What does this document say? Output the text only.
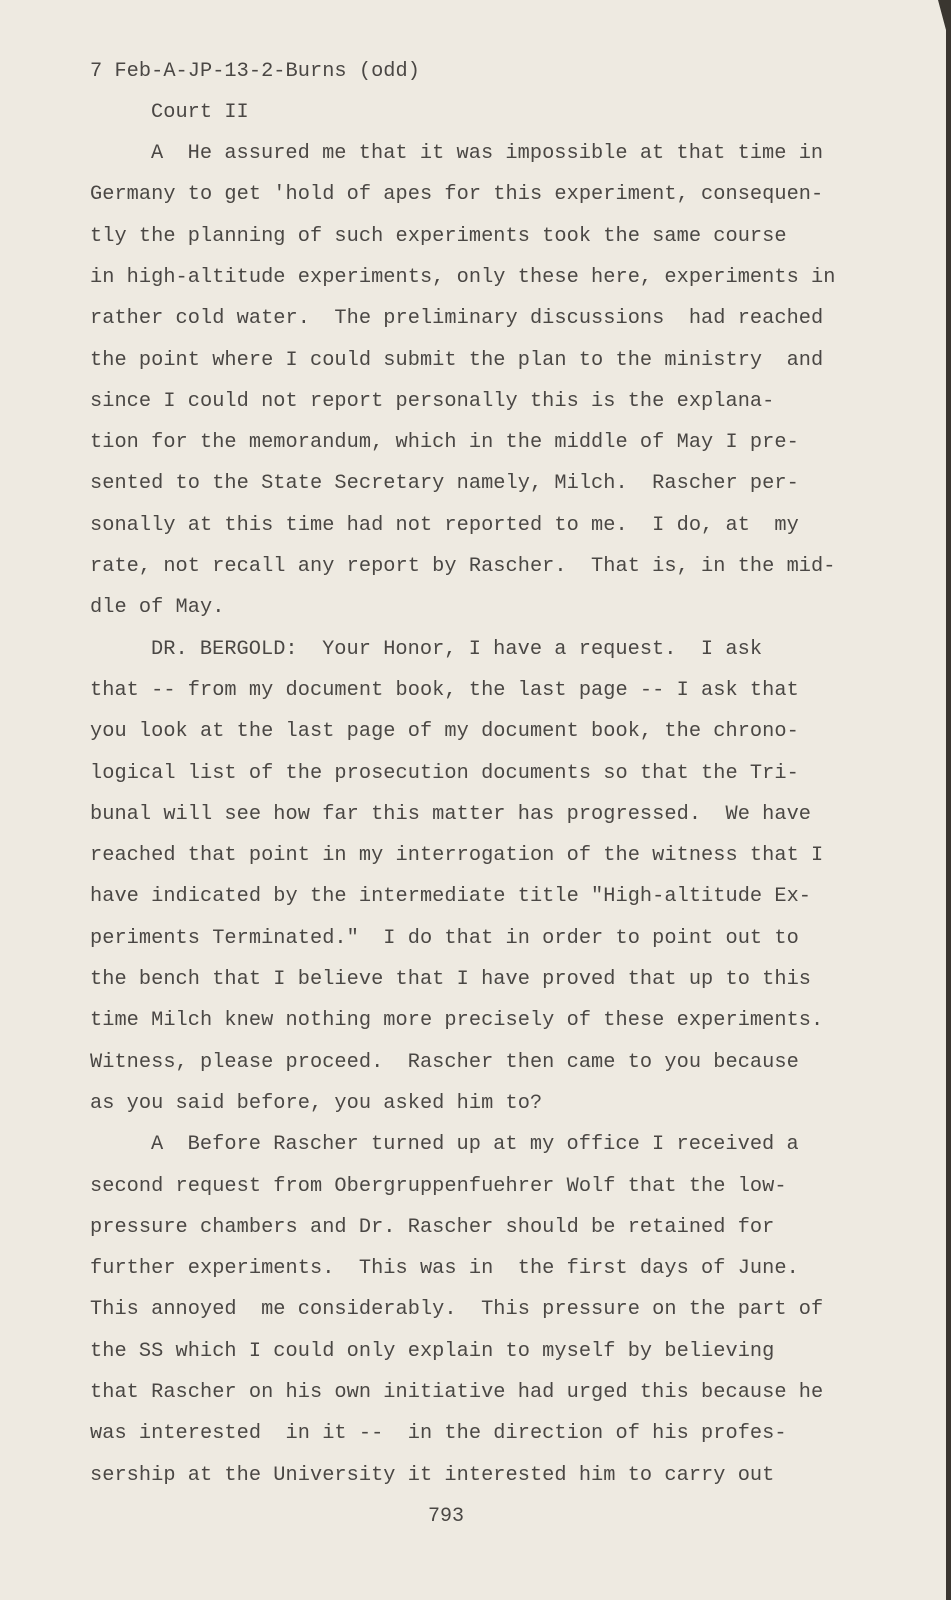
7 Feb-A-JP-13-2-Burns (odd)
Court II
A  He assured me that it was impossible at that time in
Germany to get 'hold of apes for this experiment, consequen-
tly the planning of such experiments took the same course
in high-altitude experiments, only these here, experiments in
rather cold water.  The preliminary discussions  had reached
the point where I could submit the plan to the ministry  and
since I could not report personally this is the explana-
tion for the memorandum, which in the middle of May I pre-
sented to the State Secretary namely, Milch.  Rascher per-
sonally at this time had not reported to me.  I do, at  my
rate, not recall any report by Rascher.  That is, in the mid-
dle of May.
DR. BERGOLD:  Your Honor, I have a request.  I ask
that -- from my document book, the last page -- I ask that
you look at the last page of my document book, the chrono-
logical list of the prosecution documents so that the Tri-
bunal will see how far this matter has progressed.  We have
reached that point in my interrogation of the witness that I
have indicated by the intermediate title "High-altitude Ex-
periments Terminated."  I do that in order to point out to
the bench that I believe that I have proved that up to this
time Milch knew nothing more precisely of these experiments.
Witness, please proceed.  Rascher then came to you because
as you said before, you asked him to?
A  Before Rascher turned up at my office I received a
second request from Obergruppenfuehrer Wolf that the low-
pressure chambers and Dr. Rascher should be retained for
further experiments.  This was in  the first days of June.
This annoyed  me considerably.  This pressure on the part of
the SS which I could only explain to myself by believing
that Rascher on his own initiative had urged this because he
was interested  in it --  in the direction of his profes-
sership at the University it interested him to carry out
793
